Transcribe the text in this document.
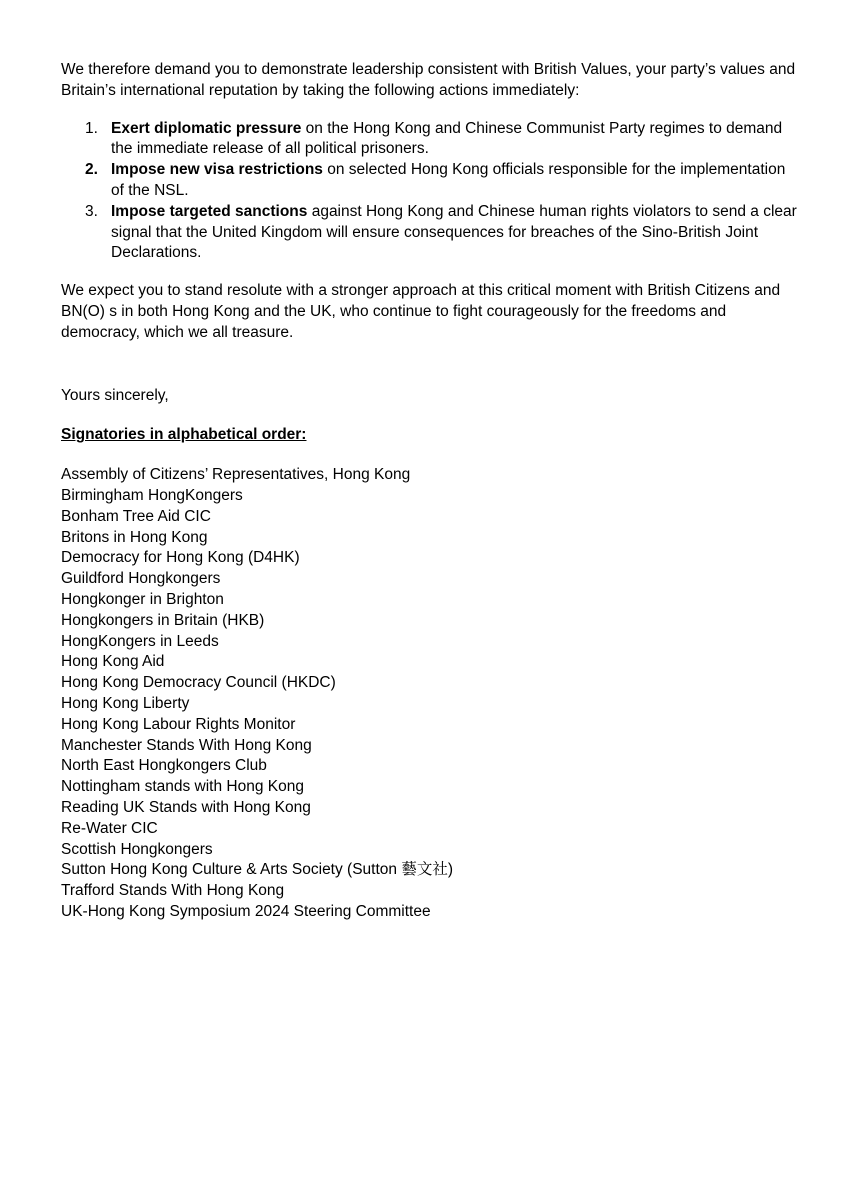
We therefore demand you to demonstrate leadership consistent with British Values, your party’s values and Britain’s international reputation by taking the following actions immediately:

1. Exert diplomatic pressure on the Hong Kong and Chinese Communist Party regimes to demand the immediate release of all political prisoners.
2. Impose new visa restrictions on selected Hong Kong officials responsible for the implementation of the NSL.
3. Impose targeted sanctions against Hong Kong and Chinese human rights violators to send a clear signal that the United Kingdom will ensure consequences for breaches of the Sino-British Joint Declarations.

We expect you to stand resolute with a stronger approach at this critical moment with British Citizens and BN(O) s in both Hong Kong and the UK, who continue to fight courageously for the freedoms and democracy, which we all treasure.

Yours sincerely,

Signatories in alphabetical order:

Assembly of Citizens’ Representatives, Hong Kong
Birmingham HongKongers
Bonham Tree Aid CIC
Britons in Hong Kong
Democracy for Hong Kong (D4HK)
Guildford Hongkongers
Hongkonger in Brighton
Hongkongers in Britain (HKB)
HongKongers in Leeds
Hong Kong Aid
Hong Kong Democracy Council (HKDC)
Hong Kong Liberty
Hong Kong Labour Rights Monitor
Manchester Stands With Hong Kong
North East Hongkongers Club
Nottingham stands with Hong Kong
Reading UK Stands with Hong Kong
Re-Water CIC
Scottish Hongkongers
Sutton Hong Kong Culture & Arts Society (Sutton 藝文社)
Trafford Stands With Hong Kong
UK-Hong Kong Symposium 2024 Steering Committee
